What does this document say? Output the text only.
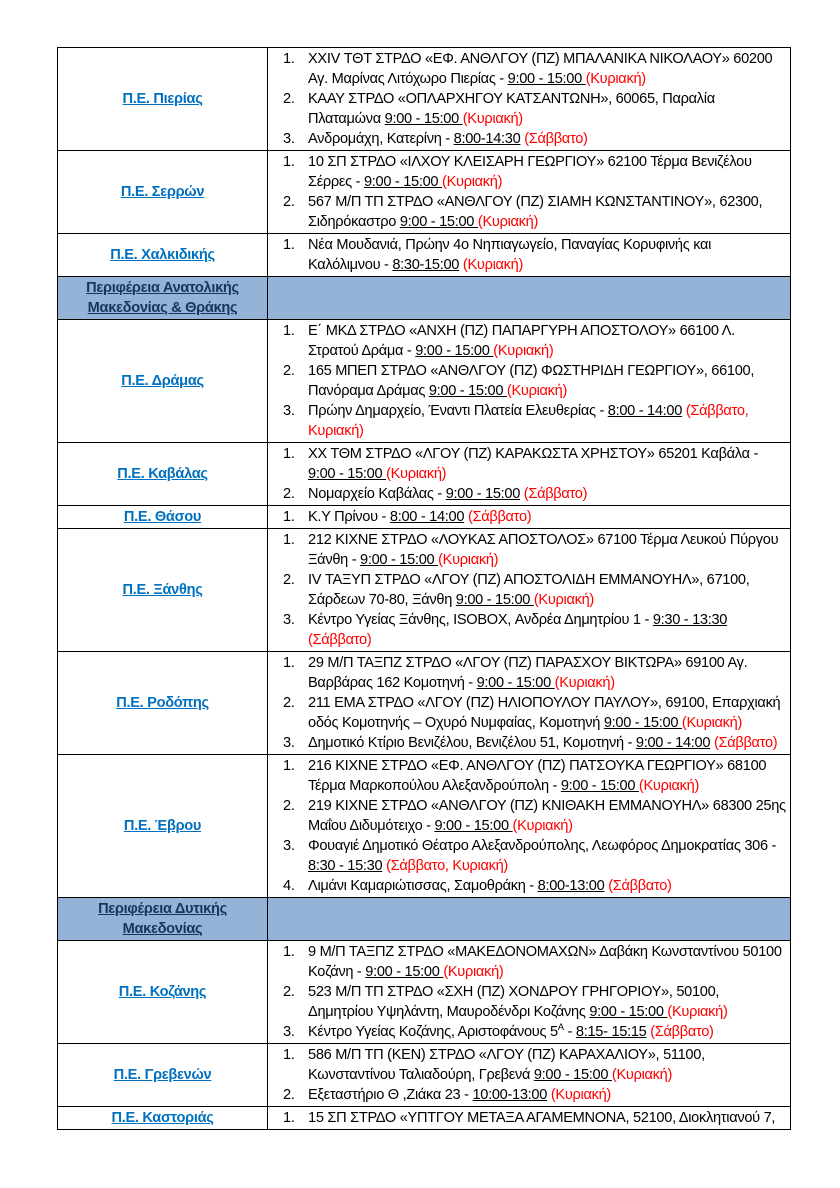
Π.Ε. Πιερίας	
1. XXIV ΤΘΤ ΣΤΡΔΟ «ΕΦ. ΑΝΘΛΓΟΥ (ΠΖ) ΜΠΑΛΑΝΙΚΑ ΝΙΚΟΛΑΟΥ» 60200 Αγ. Μαρίνας Λιτόχωρο Πιερίας - 9:00 - 15:00 (Κυριακή)
2. ΚΑΑΥ ΣΤΡΔΟ «ΟΠΛΑΡΧΗΓΟΥ ΚΑΤΣΑΝΤΩΝΗ», 60065, Παραλία Πλαταμώνα 9:00 - 15:00 (Κυριακή)
3. Ανδρομάχη, Κατερίνη - 8:00-14:30 (Σάββατο)

Π.Ε. Σερρών	1. 10 ΣΠ ΣΤΡΔΟ «ΙΛΧΟΥ ΚΛΕΙΣΑΡΗ ΓΕΩΡΓΙΟΥ» 62100 Τέρμα Βενιζέλου Σέρρες - 9:00 - 15:00 (Κυριακή)
2. 567 Μ/Π ΤΠ ΣΤΡΔΟ «ΑΝΘΛΓΟΥ (ΠΖ) ΣΙΑΜΗ ΚΩΝΣΤΑΝΤΙΝΟΥ», 62300, Σιδηρόκαστρο 9:00 - 15:00 (Κυριακή)

Π.Ε. Χαλκιδικής	1. Νέα Μουδανιά, Πρώην 4ο Νηπιαγωγείο, Παναγίας Κορυφινής και Καλόλιμνου - 8:30-15:00 (Κυριακή)

Περιφέρεια Ανατολικής Μακεδονίας & Θράκης	

Π.Ε. Δράμας	
1. Ε΄ ΜΚΔ ΣΤΡΔΟ «ΑΝΧΗ (ΠΖ) ΠΑΠΑΡΓΥΡΗ ΑΠΟΣΤΟΛΟΥ» 66100 Λ. Στρατού Δράμα - 9:00 - 15:00 (Κυριακή)
2. 165 ΜΠΕΠ ΣΤΡΔΟ «ΑΝΘΛΓΟΥ (ΠΖ) ΦΩΣΤΗΡΙΔΗ ΓΕΩΡΓΙΟΥ», 66100, Πανόραμα Δράμας 9:00 - 15:00 (Κυριακή)
3. Πρώην Δημαρχείο, Έναντι Πλατεία Ελευθερίας - 8:00 - 14:00 (Σάββατο, Κυριακή)

Π.Ε. Καβάλας	1. ΧΧ ΤΘΜ ΣΤΡΔΟ «ΛΓΟΥ (ΠΖ) ΚΑΡΑΚΩΣΤΑ ΧΡΗΣΤΟΥ» 65201 Καβάλα - 9:00 - 15:00 (Κυριακή)
2. Νομαρχείο Καβάλας - 9:00 - 15:00 (Σάββατο)

Π.Ε. Θάσου	1. Κ.Υ Πρίνου - 8:00 - 14:00 (Σάββατο)

Π.Ε. Ξάνθης	
1. 212 ΚΙΧΝΕ ΣΤΡΔΟ «ΛΟΥΚΑΣ ΑΠΟΣΤΟΛΟΣ» 67100 Τέρμα Λευκού Πύργου Ξάνθη - 9:00 - 15:00 (Κυριακή)
2. IV ΤΑΞΥΠ ΣΤΡΔΟ «ΛΓΟΥ (ΠΖ) ΑΠΟΣΤΟΛΙΔΗ ΕΜΜΑΝΟΥΗΛ», 67100, Σάρδεων 70-80, Ξάνθη 9:00 - 15:00 (Κυριακή)
3. Κέντρο Υγείας Ξάνθης, ISOBOX, Ανδρέα Δημητρίου 1 - 9:30 - 13:30 (Σάββατο)

Π.Ε. Ροδόπης	
1. 29 Μ/Π ΤΑΞΠΖ ΣΤΡΔΟ «ΛΓΟΥ (ΠΖ) ΠΑΡΑΣΧΟΥ ΒΙΚΤΩΡΑ» 69100 Αγ. Βαρβάρας 162 Κομοτηνή - 9:00 - 15:00 (Κυριακή)
2. 211 ΕΜΑ ΣΤΡΔΟ «ΛΓΟΥ (ΠΖ) ΗΛΙΟΠΟΥΛΟΥ ΠΑΥΛΟΥ», 69100, Επαρχιακή οδός Κομοτηνής – Οχυρό Νυμφαίας, Κομοτηνή 9:00 - 15:00 (Κυριακή)
3. Δημοτικό Κτίριο Βενιζέλου, Βενιζέλου 51, Κομοτηνή - 9:00 - 14:00 (Σάββατο)

Π.Ε. Έβρου	
1. 216 ΚΙΧΝΕ ΣΤΡΔΟ «ΕΦ. ΑΝΘΛΓΟΥ (ΠΖ) ΠΑΤΣΟΥΚΑ ΓΕΩΡΓΙΟΥ» 68100 Τέρμα Μαρκοπούλου Αλεξανδρούπολη - 9:00 - 15:00 (Κυριακή)
2. 219 ΚΙΧΝΕ ΣΤΡΔΟ «ΑΝΘΛΓΟΥ (ΠΖ) ΚΝΙΘΑΚΗ ΕΜΜΑΝΟΥΗΛ» 68300 25ης Μαΐου Διδυμότειχο - 9:00 - 15:00 (Κυριακή)
3. Φουαγιέ Δημοτικό Θέατρο Αλεξανδρούπολης, Λεωφόρος Δημοκρατίας 306 - 8:30 - 15:30 (Σάββατο, Κυριακή)
4. Λιμάνι Καμαριώτισσας, Σαμοθράκη - 8:00-13:00 (Σάββατο)

Περιφέρεια Δυτικής Μακεδονίας	

Π.Ε. Κοζάνης	
1. 9 Μ/Π ΤΑΞΠΖ ΣΤΡΔΟ «ΜΑΚΕΔΟΝΟΜΑΧΩΝ» Δαβάκη Κωνσταντίνου 50100 Κοζάνη - 9:00 - 15:00 (Κυριακή)
2. 523 Μ/Π ΤΠ ΣΤΡΔΟ «ΣΧΗ (ΠΖ) ΧΟΝΔΡΟΥ ΓΡΗΓΟΡΙΟΥ», 50100, Δημητρίου Υψηλάντη, Μαυροδένδρι Κοζάνης 9:00 - 15:00 (Κυριακή)
3. Κέντρο Υγείας Κοζάνης, Αριστοφάνους $5^A$ - 8:15- 15:15 (Σάββατο)

Π.Ε. Γρεβενών	1. 586 Μ/Π ΤΠ (ΚΕΝ) ΣΤΡΔΟ «ΛΓΟΥ (ΠΖ) ΚΑΡΑΧΑΛΙΟΥ», 51100, Κωνσταντίνου Ταλιαδούρη, Γρεβενά 9:00 - 15:00 (Κυριακή)
2. Εξεταστήριο Θ ,Ζιάκα 23 - 10:00-13:00 (Κυριακή)

Π.Ε. Καστοριάς	1. 15 ΣΠ ΣΤΡΔΟ «ΥΠΤΓΟΥ ΜΕΤΑΞΑ ΑΓΑΜΕΜΝΟΝΑ, 52100, Διοκλητιανού 7,
